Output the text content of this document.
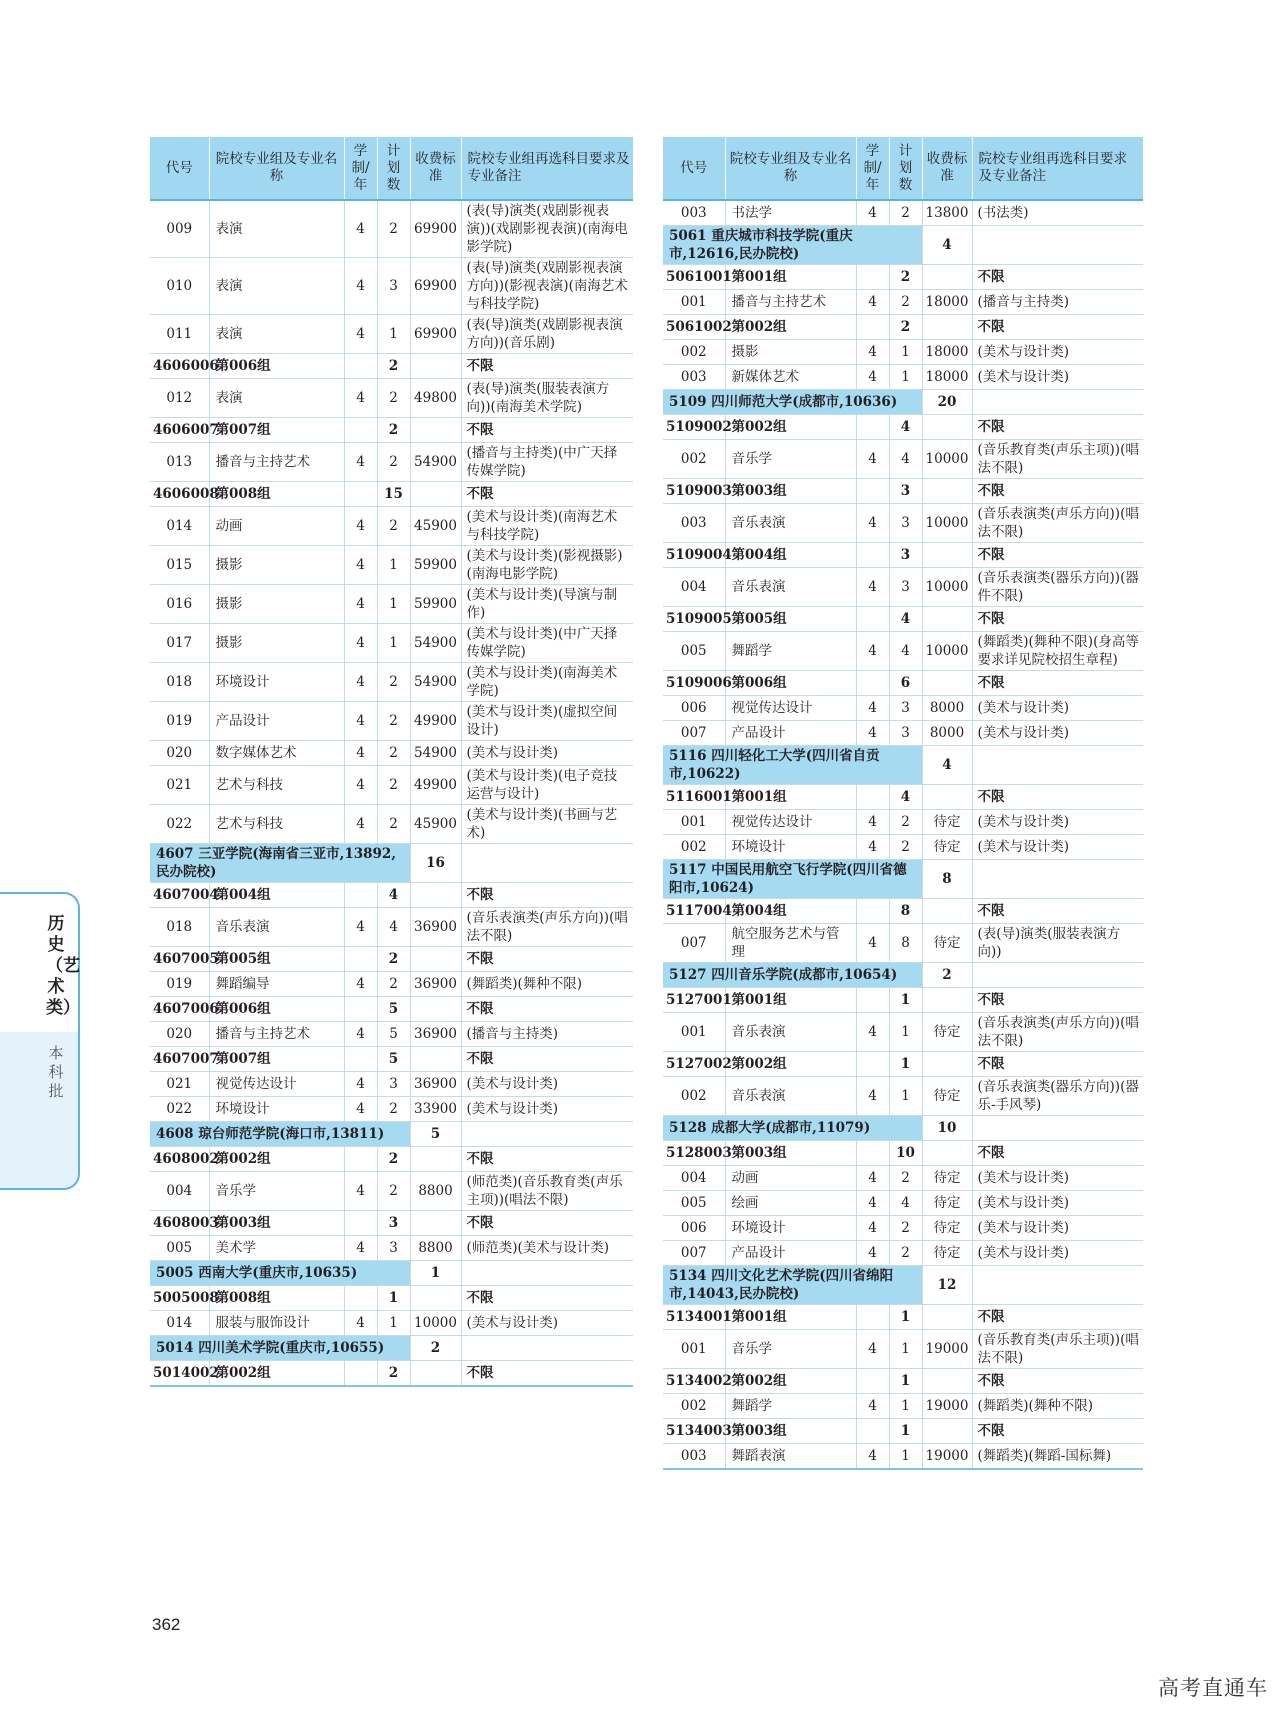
代号	院校专业组及专业名称	学制/年	计划数	收费标准	院校专业组再选科目要求及专业备注
009	表演	4	2	69900	(表(导)演类(戏剧影视表演))(戏剧影视表演)(南海电影学院)
010	表演	4	3	69900	(表(导)演类(戏剧影视表演方向))(影视表演)(南海艺术与科技学院)
011	表演	4	1	69900	(表(导)演类(戏剧影视表演方向))(音乐剧)
4606006	第006组		2		不限
012	表演	4	2	49800	(表(导)演类(服装表演方向))(南海美术学院)
4606007	第007组		2		不限
013	播音与主持艺术	4	2	54900	(播音与主持类)(中广天择传媒学院)
4606008	第008组		15		不限
014	动画	4	2	45900	(美术与设计类)(南海艺术与科技学院)
015	摄影	4	1	59900	(美术与设计类)(影视摄影)(南海电影学院)
016	摄影	4	1	59900	(美术与设计类)(导演与制作)
017	摄影	4	1	54900	(美术与设计类)(中广天择传媒学院)
018	环境设计	4	2	54900	(美术与设计类)(南海美术学院)
019	产品设计	4	2	49900	(美术与设计类)(虚拟空间设计)
020	数字媒体艺术	4	2	54900	(美术与设计类)
021	艺术与科技	4	2	49900	(美术与设计类)(电子竞技运营与设计)
022	艺术与科技	4	2	45900	(美术与设计类)(书画与艺术)
4607 三亚学院(海南省三亚市,13892,民办院校)				16	
4607004	第004组		4		不限
018	音乐表演	4	4	36900	(音乐表演类(声乐方向))(唱法不限)
4607005	第005组		2		不限
019	舞蹈编导	4	2	36900	(舞蹈类)(舞种不限)
4607006	第006组		5		不限
020	播音与主持艺术	4	5	36900	(播音与主持类)
4607007	第007组		5		不限
021	视觉传达设计	4	3	36900	(美术与设计类)
022	环境设计	4	2	33900	(美术与设计类)
4608 琼台师范学院(海口市,13811)				5	
4608002	第002组		2		不限
004	音乐学	4	2	8800	(师范类)(音乐教育类(声乐主项))(唱法不限)
4608003	第003组		3		不限
005	美术学	4	3	8800	(师范类)(美术与设计类)
5005 西南大学(重庆市,10635)				1	
5005008	第008组		1		不限
014	服装与服饰设计	4	1	10000	(美术与设计类)
5014 四川美术学院(重庆市,10655)				2	
5014002	第002组		2		不限
代号	院校专业组及专业名称	学制/年	计划数	收费标准	院校专业组再选科目要求及专业备注
003	书法学	4	2	13800	(书法类)
5061 重庆城市科技学院(重庆市,12616,民办院校)				4	
5061001	第001组		2		不限
001	播音与主持艺术	4	2	18000	(播音与主持类)
5061002	第002组		2		不限
002	摄影	4	1	18000	(美术与设计类)
003	新媒体艺术	4	1	18000	(美术与设计类)
5109 四川师范大学(成都市,10636)				20	
5109002	第002组		4		不限
002	音乐学	4	4	10000	(音乐教育类(声乐主项))(唱法不限)
5109003	第003组		3		不限
003	音乐表演	4	3	10000	(音乐表演类(声乐方向))(唱法不限)
5109004	第004组		3		不限
004	音乐表演	4	3	10000	(音乐表演类(器乐方向))(器件不限)
5109005	第005组		4		不限
005	舞蹈学	4	4	10000	(舞蹈类)(舞种不限)(身高等要求详见院校招生章程)
5109006	第006组		6		不限
006	视觉传达设计	4	3	8000	(美术与设计类)
007	产品设计	4	3	8000	(美术与设计类)
5116 四川轻化工大学(四川省自贡市,10622)				4	
5116001	第001组		4		不限
001	视觉传达设计	4	2	待定	(美术与设计类)
002	环境设计	4	2	待定	(美术与设计类)
5117 中国民用航空飞行学院(四川省德阳市,10624)				8	
5117004	第004组		8		不限
007	航空服务艺术与管理	4	8	待定	(表(导)演类(服装表演方向))
5127 四川音乐学院(成都市,10654)				2	
5127001	第001组		1		不限
001	音乐表演	4	1	待定	(音乐表演类(声乐方向))(唱法不限)
5127002	第002组		1		不限
002	音乐表演	4	1	待定	(音乐表演类(器乐方向))(器乐-手风琴)
5128 成都大学(成都市,11079)				10	
5128003	第003组		10		不限
004	动画	4	2	待定	(美术与设计类)
005	绘画	4	4	待定	(美术与设计类)
006	环境设计	4	2	待定	(美术与设计类)
007	产品设计	4	2	待定	(美术与设计类)
5134 四川文化艺术学院(四川省绵阳市,14043,民办院校)				12	
5134001	第001组		1		不限
001	音乐学	4	1	19000	(音乐教育类(声乐主项))(唱法不限)
5134002	第002组		1		不限
002	舞蹈学	4	1	19000	(舞蹈类)(舞种不限)
5134003	第003组		1		不限
003	舞蹈表演	4	1	19000	(舞蹈类)(舞蹈-国标舞)
历史（艺术类）
本科批
362
高考直通车
